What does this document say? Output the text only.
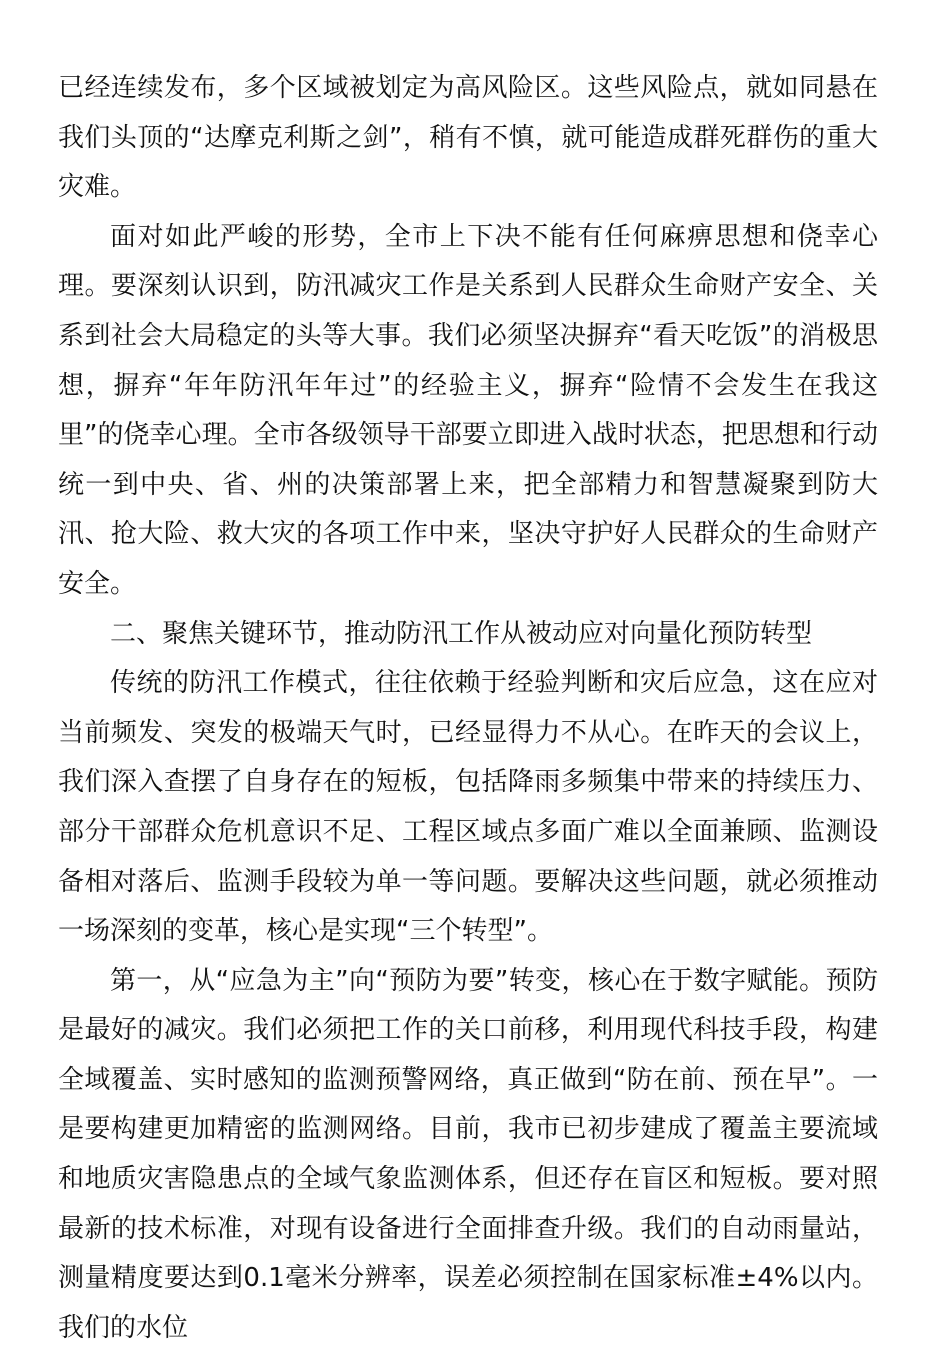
已经连续发布，多个区域被划定为高风险区。这些风险点，就如同悬在我们头顶的“达摩克利斯之剑”，稍有不慎，就可能造成群死群伤的重大灾难。

面对如此严峻的形势，全市上下决不能有任何麻痹思想和侥幸心理。要深刻认识到，防汛减灾工作是关系到人民群众生命财产安全、关系到社会大局稳定的头等大事。我们必须坚决摒弃“看天吃饭”的消极思想，摒弃“年年防汛年年过”的经验主义，摒弃“险情不会发生在我这里”的侥幸心理。全市各级领导干部要立即进入战时状态，把思想和行动统一到中央、省、州的决策部署上来，把全部精力和智慧凝聚到防大汛、抢大险、救大灾的各项工作中来，坚决守护好人民群众的生命财产安全。

二、聚焦关键环节，推动防汛工作从被动应对向量化预防转型

传统的防汛工作模式，往往依赖于经验判断和灾后应急，这在应对当前频发、突发的极端天气时，已经显得力不从心。在昨天的会议上，我们深入查摆了自身存在的短板，包括降雨多频集中带来的持续压力、部分干部群众危机意识不足、工程区域点多面广难以全面兼顾、监测设备相对落后、监测手段较为单一等问题。要解决这些问题，就必须推动一场深刻的变革，核心是实现“三个转型”。

第一，从“应急为主”向“预防为要”转变，核心在于数字赋能。预防是最好的减灾。我们必须把工作的关口前移，利用现代科技手段，构建全域覆盖、实时感知的监测预警网络，真正做到“防在前、预在早”。一是要构建更加精密的监测网络。目前，我市已初步建成了覆盖主要流域和地质灾害隐患点的全域气象监测体系，但还存在盲区和短板。要对照最新的技术标准，对现有设备进行全面排查升级。我们的自动雨量站，测量精度要达到0.1毫米分辨率，误差必须控制在国家标准±4%以内。我们的水位
